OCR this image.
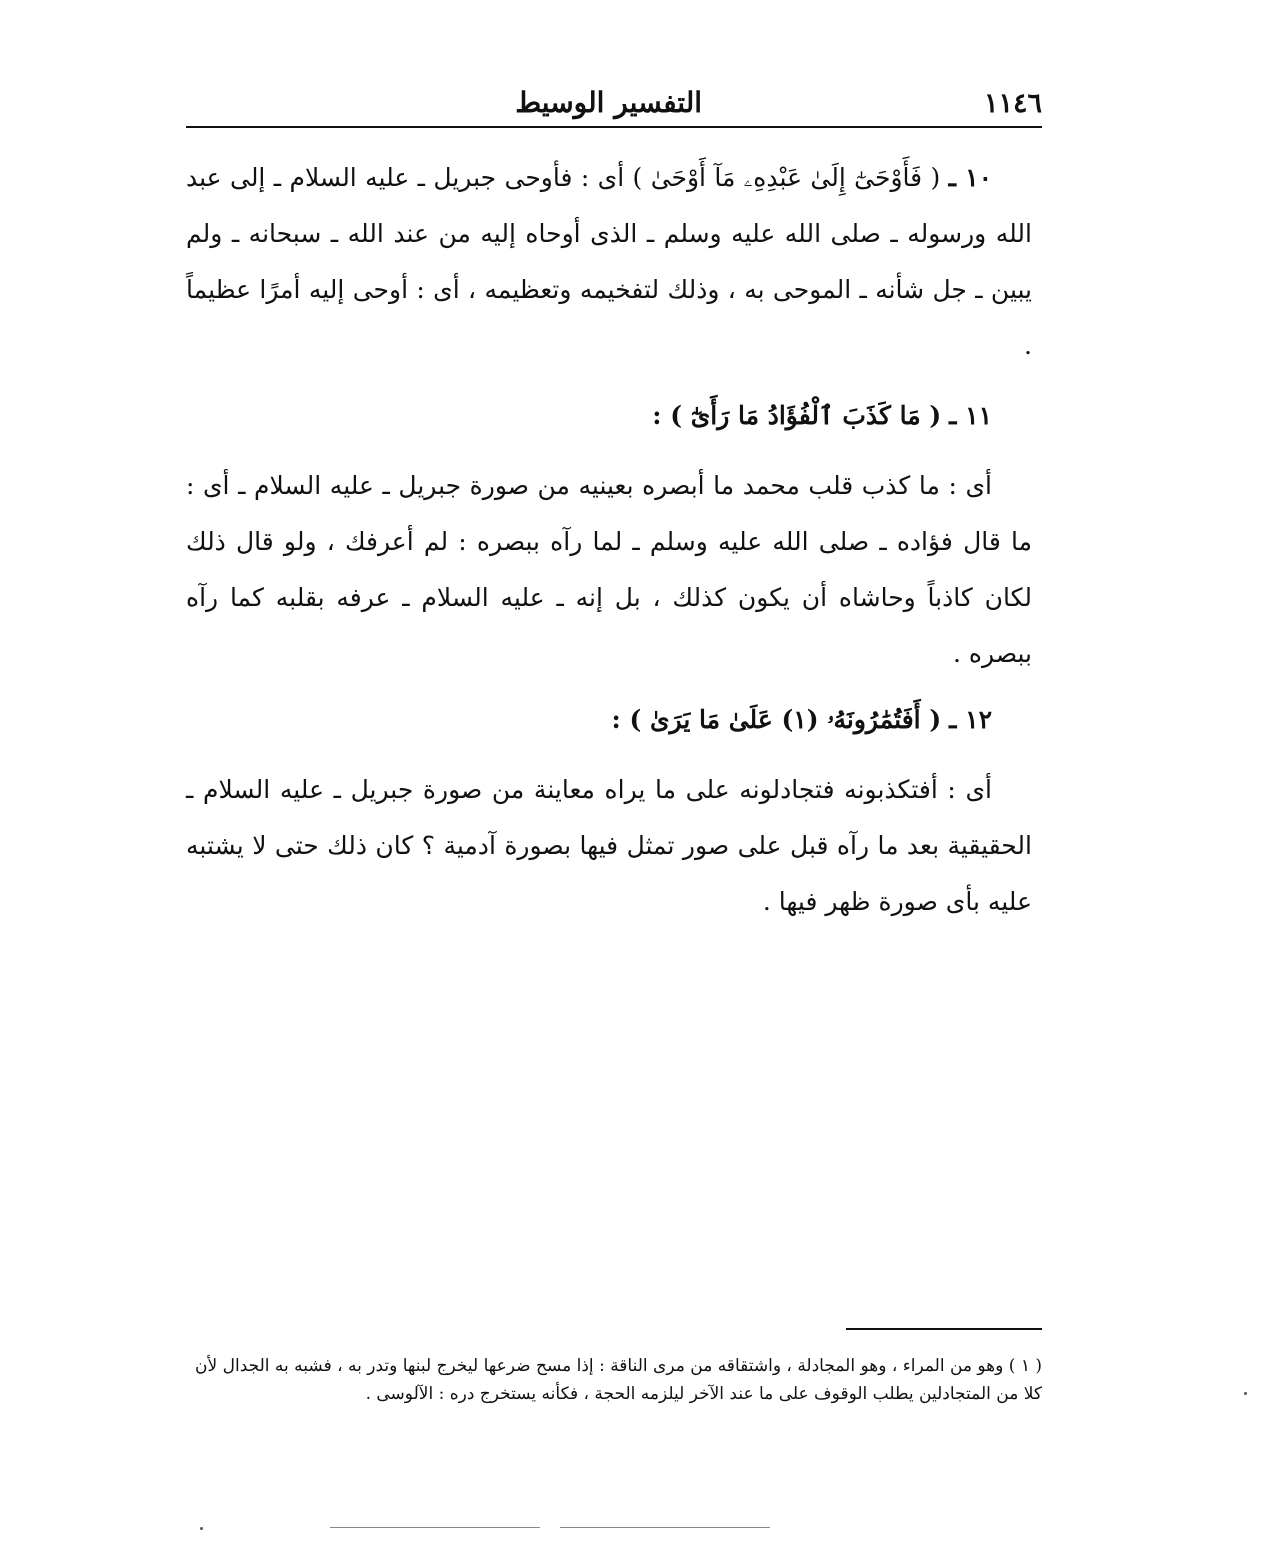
١١٤٦
التفسير الوسيط

١٠ ـ ( فَأَوْحَىٰٓ إِلَىٰ عَبْدِهِۦ مَآ أَوْحَىٰ ) أى : فأوحى جبريل ـ عليه السلام ـ إلى عبد الله ورسوله ـ صلى الله عليه وسلم ـ الذى أوحاه إليه من عند الله ـ سبحانه ـ ولم يبين ـ جل شأنه ـ الموحى به ، وذلك لتفخيمه وتعظيمه ، أى : أوحى إليه أمرًا عظيماً .

١١ ـ ( مَا كَذَبَ ٱلْفُؤَادُ مَا رَأَىٰٓ ) :

أى : ما كذب قلب محمد ما أبصره بعينيه من صورة جبريل ـ عليه السلام ـ أى : ما قال فؤاده ـ صلى الله عليه وسلم ـ لما رآه ببصره : لم أعرفك ، ولو قال ذلك لكان كاذباً وحاشاه أن يكون كذلك ، بل إنه ـ عليه السلام ـ عرفه بقلبه كما رآه ببصره .

١٢ ـ ( أَفَتُمَٰرُونَهُۥ (١) عَلَىٰ مَا يَرَىٰ ) :

أى : أفتكذبونه فتجادلونه على ما يراه معاينة من صورة جبريل ـ عليه السلام ـ الحقيقية بعد ما رآه قبل على صور تمثل فيها بصورة آدمية ؟ كان ذلك حتى لا يشتبه عليه بأى صورة ظهر فيها .

( ١ ) وهو من المراء ، وهو المجادلة ، واشتقاقه من مرى الناقة : إذا مسح ضرعها ليخرج لبنها وتدر به ، فشبه به الجدال لأن

كلا من المتجادلين يطلب الوقوف على ما عند الآخر ليلزمه الحجة ، فكأنه يستخرج دره : الآلوسى .
